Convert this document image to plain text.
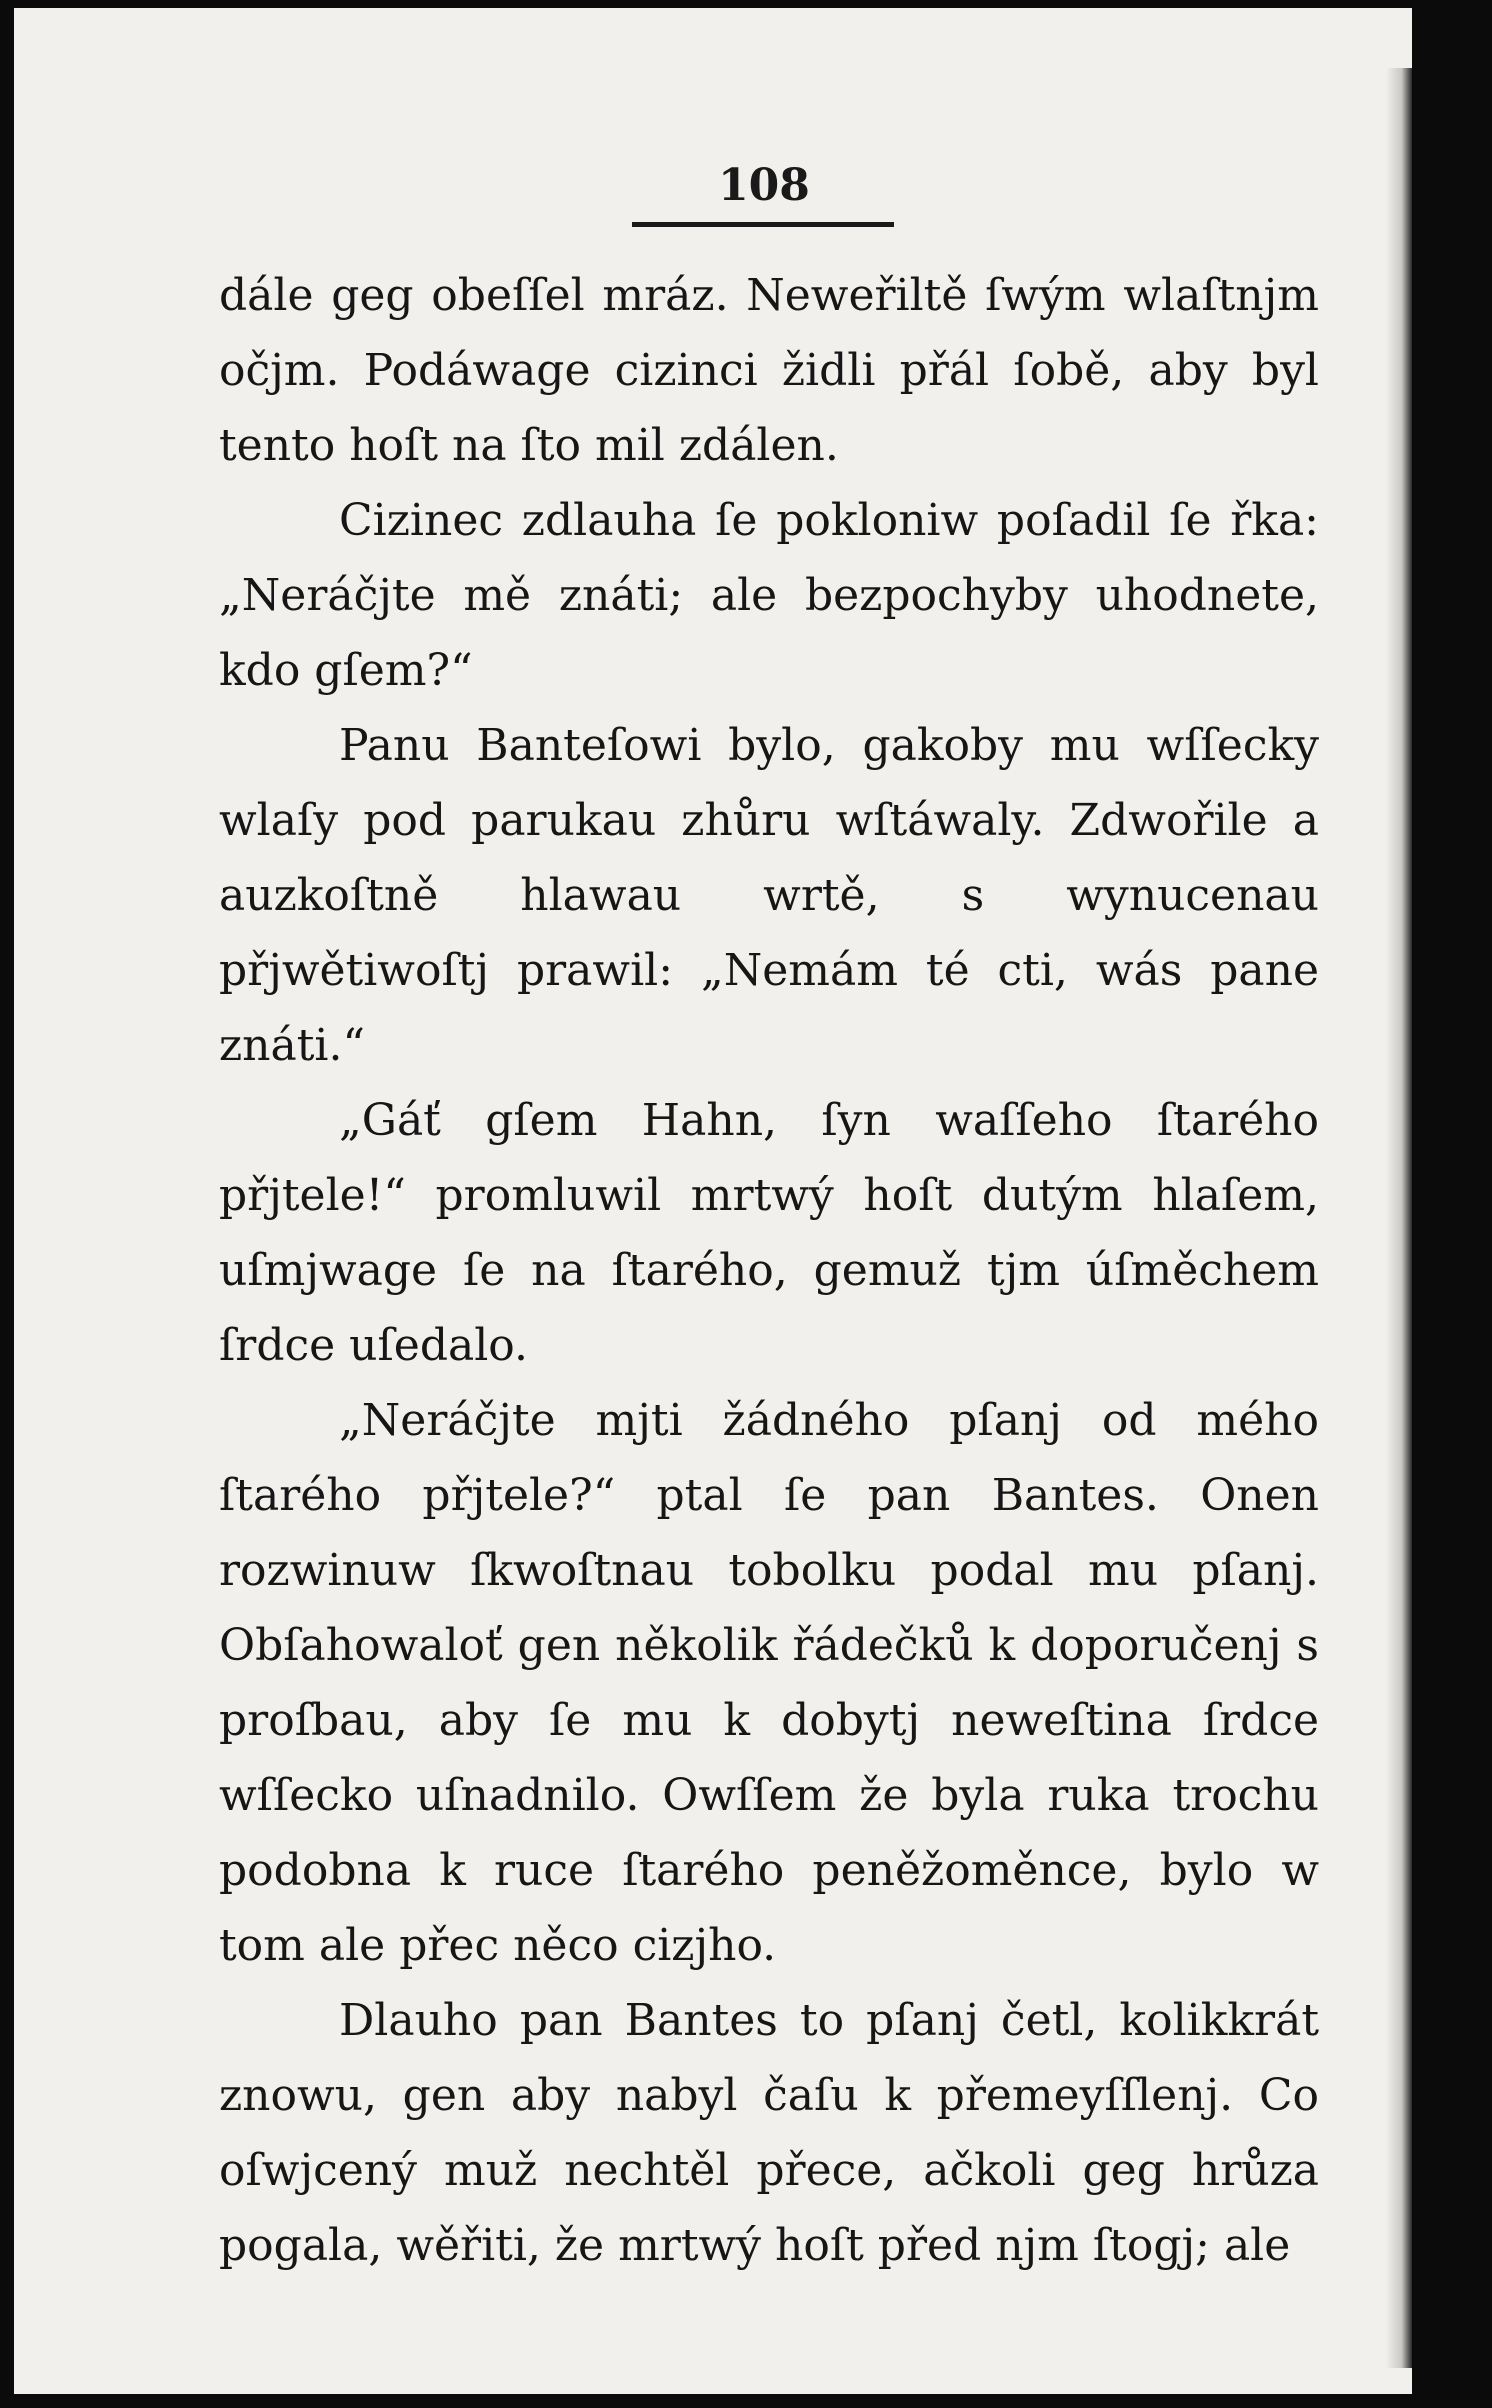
108

dále geg obeſſel mráz. Neweřiltě ſwým wlaſtnjm očjm. Podáwage cizinci židli přál ſobě, aby byl tento hoſt na ſto mil zdálen.

Cizinec zdlauha ſe pokloniw poſadil ſe řka: „Neráčjte mě znáti; ale bezpochyby uhodnete, kdo gſem?“

Panu Banteſowi bylo, gakoby mu wſſecky wlaſy pod parukau zhůru wſtáwaly. Zdwořile a auzkoſtně hlawau wrtě, s wynucenau přjwětiwoſtj prawil: „Nemám té cti, wás pane znáti.“

„Gáť gſem Hahn, ſyn waſſeho ſtarého přjtele!“ promluwil mrtwý hoſt dutým hlaſem, uſmjwage ſe na ſtarého, gemuž tjm úſměchem ſrdce uſedalo.

„Neráčjte mjti žádného pſanj od mého ſtarého přjtele?“ ptal ſe pan Bantes. Onen rozwinuw ſkwoſtnau tobolku podal mu pſanj. Obſahowaloť gen několik řádečků k doporučenj s proſbau, aby ſe mu k dobytj neweſtina ſrdce wſſecko uſnadnilo. Owſſem že byla ruka trochu podobna k ruce ſtarého peněžoměnce, bylo w tom ale přec něco cizjho.

Dlauho pan Bantes to pſanj četl, kolikkrát znowu, gen aby nabyl čaſu k přemeyſſlenj. Co oſwjcený muž nechtěl přece, ačkoli geg hrůza pogala, wěřiti, že mrtwý hoſt před njm ſtogj; ale
